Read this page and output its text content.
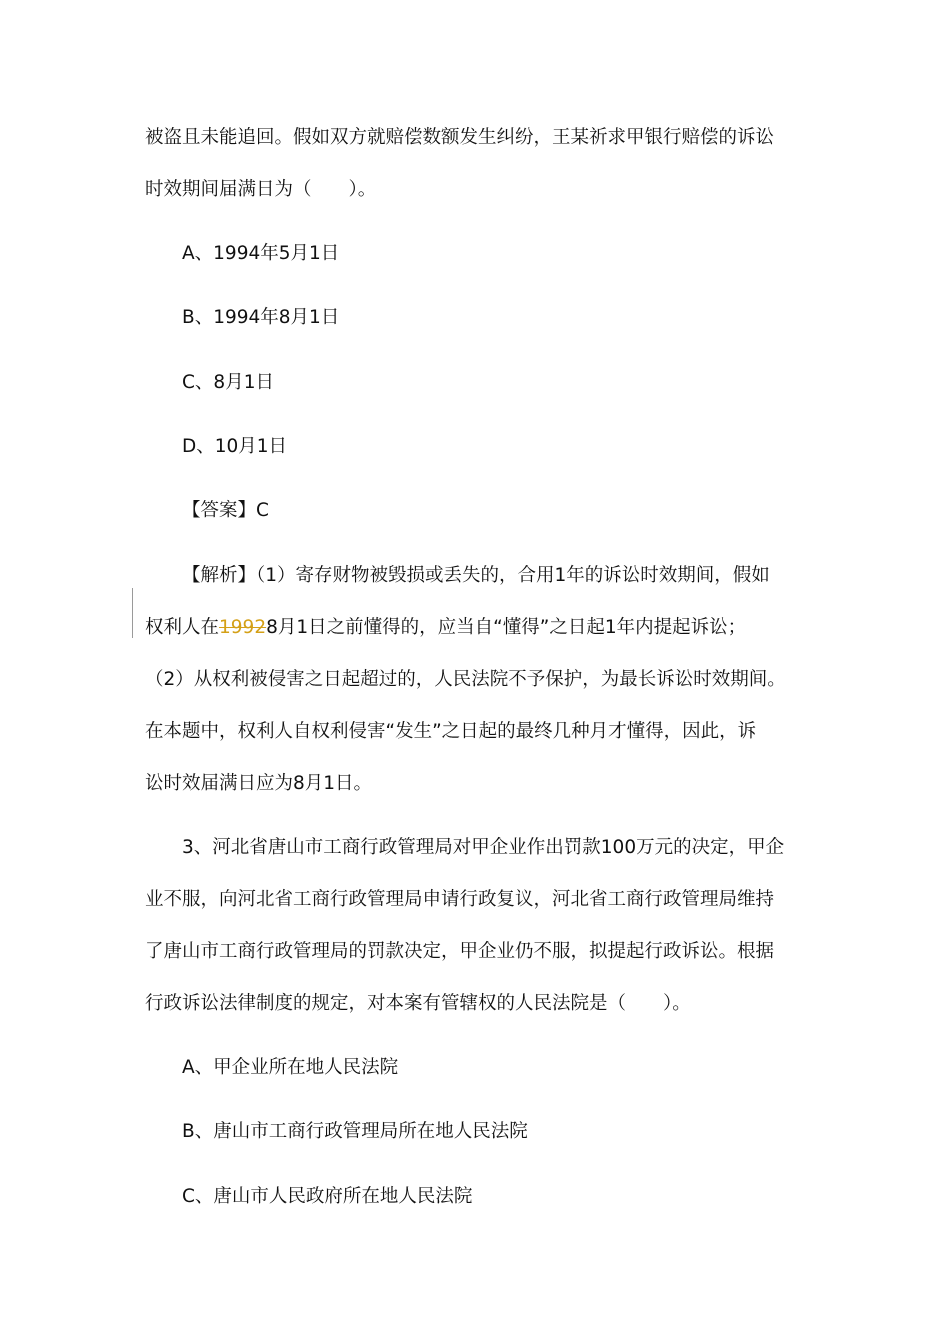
被盗且未能追回。假如双方就赔偿数额发生纠纷，王某祈求甲银行赔偿的诉讼
时效期间届满日为（　　）。
A、1994年5月1日
B、1994年8月1日
C、8月1日
D、10月1日
【答案】C
【解析】（1）寄存财物被毁损或丢失的，合用1年的诉讼时效期间，假如
权利人在19928月1日之前懂得的，应当自“懂得”之日起1年内提起诉讼；
（2）从权利被侵害之日起超过的，人民法院不予保护，为最长诉讼时效期间。
在本题中，权利人自权利侵害“发生”之日起的最终几种月才懂得，因此，诉
讼时效届满日应为8月1日。
3、河北省唐山市工商行政管理局对甲企业作出罚款100万元的决定，甲企
业不服，向河北省工商行政管理局申请行政复议，河北省工商行政管理局维持
了唐山市工商行政管理局的罚款决定，甲企业仍不服，拟提起行政诉讼。根据
行政诉讼法律制度的规定，对本案有管辖权的人民法院是（　　）。
A、甲企业所在地人民法院
B、唐山市工商行政管理局所在地人民法院
C、唐山市人民政府所在地人民法院
